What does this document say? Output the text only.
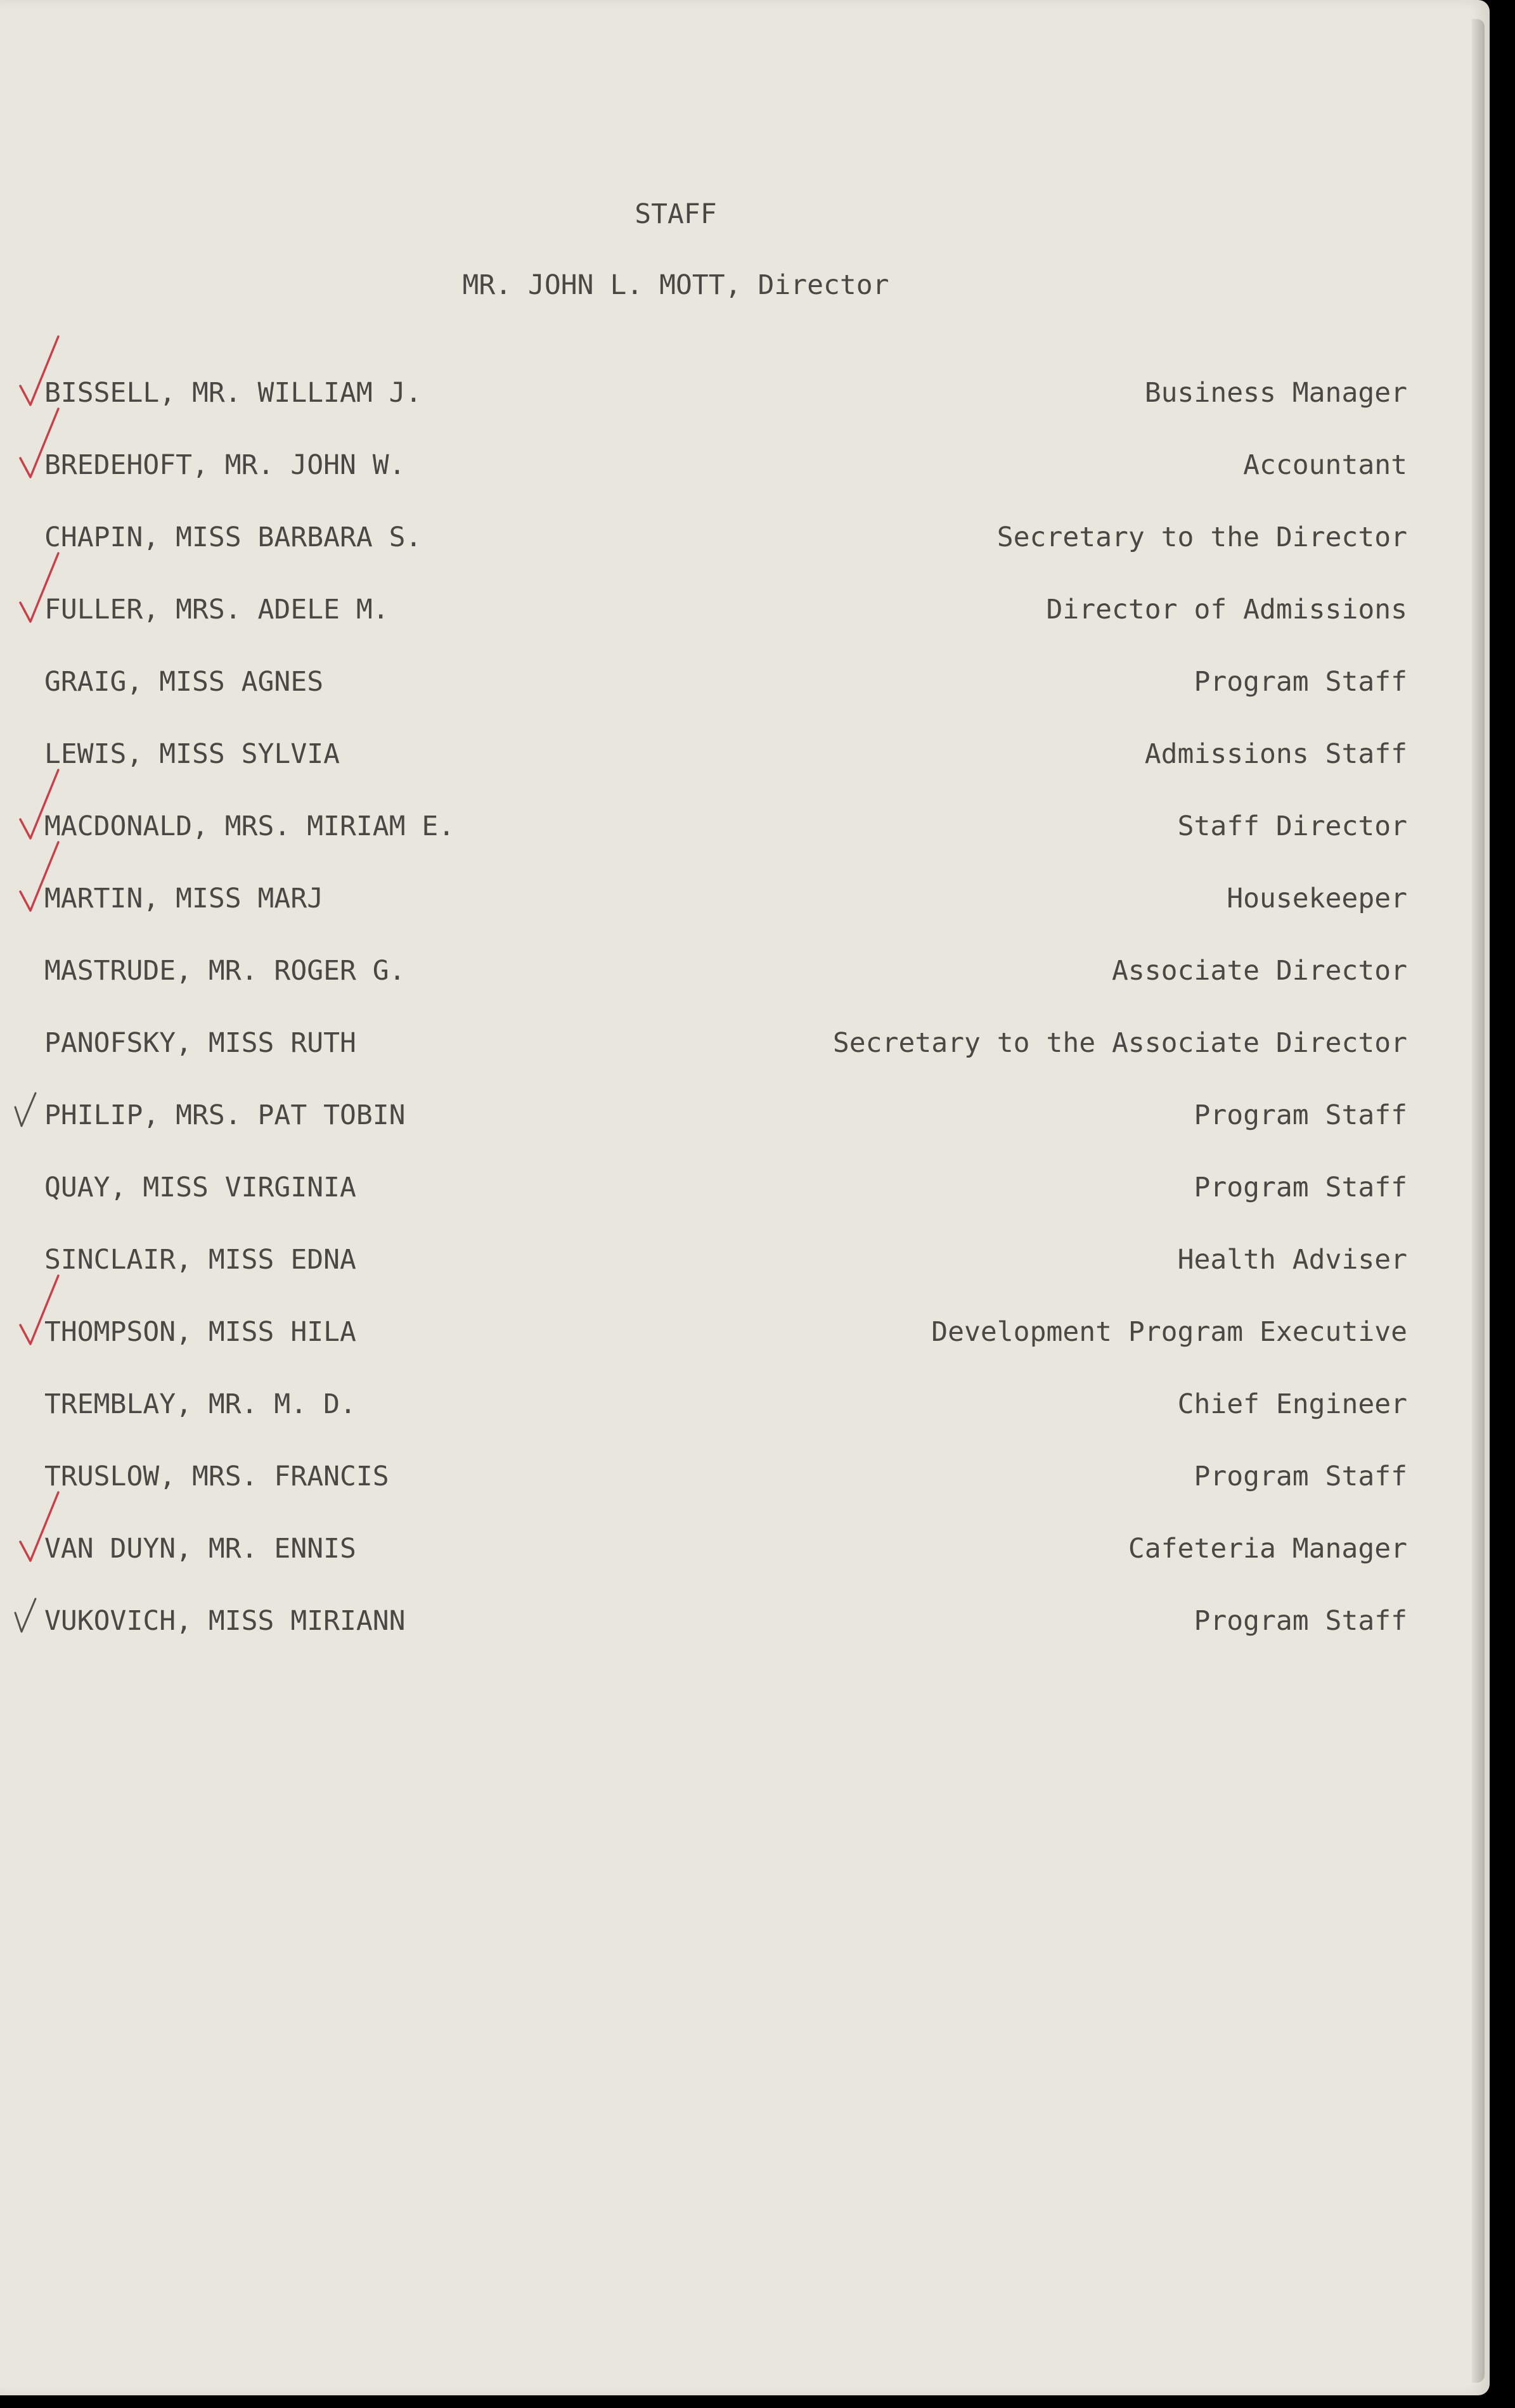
STAFF
MR. JOHN L. MOTT, Director
BISSELL, MR. WILLIAM J.	Business Manager
BREDEHOFT, MR. JOHN W.	Accountant
CHAPIN, MISS BARBARA S.	Secretary to the Director
FULLER, MRS. ADELE M.	Director of Admissions
GRAIG, MISS AGNES	Program Staff
LEWIS, MISS SYLVIA	Admissions Staff
MACDONALD, MRS. MIRIAM E.	Staff Director
MARTIN, MISS MARJ	Housekeeper
MASTRUDE, MR. ROGER G.	Associate Director
PANOFSKY, MISS RUTH	Secretary to the Associate Director
PHILIP, MRS. PAT TOBIN	Program Staff
QUAY, MISS VIRGINIA	Program Staff
SINCLAIR, MISS EDNA	Health Adviser
THOMPSON, MISS HILA	Development Program Executive
TREMBLAY, MR. M. D.	Chief Engineer
TRUSLOW, MRS. FRANCIS	Program Staff
VAN DUYN, MR. ENNIS	Cafeteria Manager
VUKOVICH, MISS MIRIANN	Program Staff
